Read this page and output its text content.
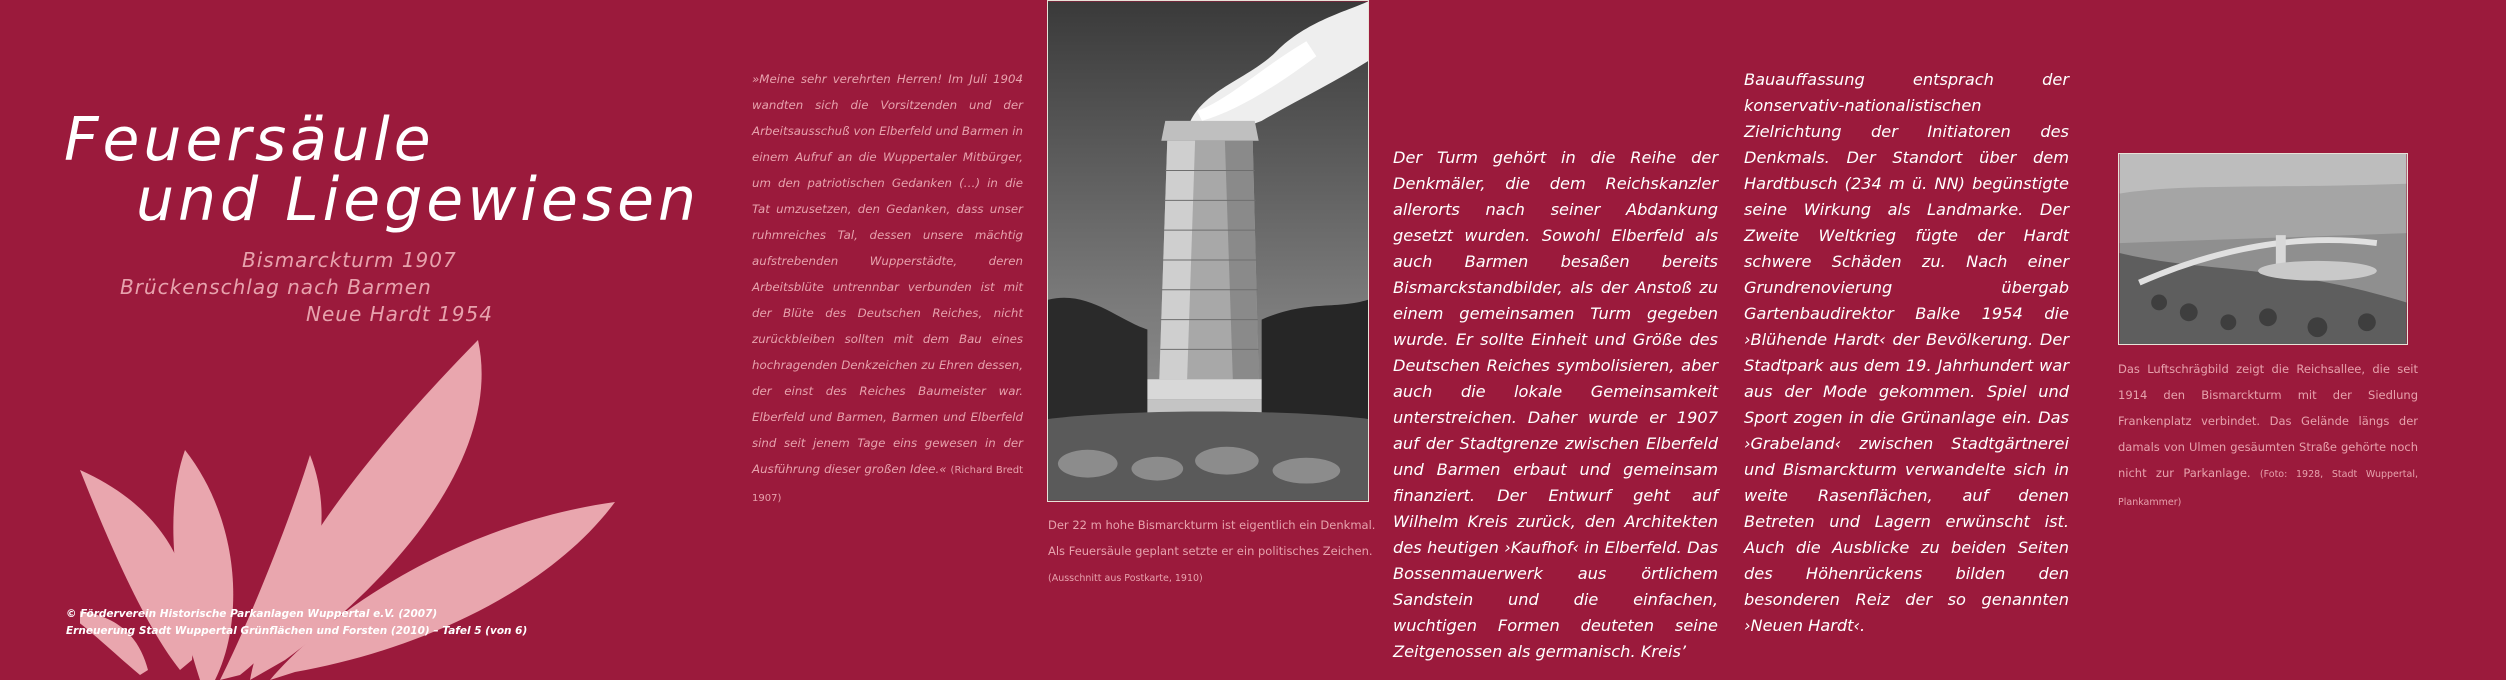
Feuersäule
und Liegewiesen
Bismarckturm 1907
Brückenschlag nach Barmen
Neue Hardt 1954
© Förderverein Historische Parkanlagen Wuppertal e.V. (2007)
Erneuerung Stadt Wuppertal Grünflächen und Forsten (2010) – Tafel 5 (von 6)
»Meine sehr verehrten Herren! Im Juli 1904 wandten sich die Vorsitzenden und der Arbeitsausschuß von Elberfeld und Barmen in einem Aufruf an die Wuppertaler Mitbürger, um den patriotischen Gedanken (…) in die Tat umzusetzen, den Gedanken, dass unser ruhmreiches Tal, dessen unsere mächtig aufstrebenden Wupperstädte, deren Arbeitsblüte untrennbar verbunden ist mit der Blüte des Deutschen Reiches, nicht zurückbleiben sollten mit dem Bau eines hochragenden Denkzeichen zu Ehren dessen, der einst des Reiches Baumeister war. Elberfeld und Barmen, Barmen und Elberfeld sind seit jenem Tage eins gewesen in der Ausführung dieser großen Idee.« (Richard Bredt 1907)
Der 22 m hohe Bismarckturm ist eigentlich ein Denkmal. Als Feuersäule geplant setzte er ein politisches Zeichen.
(Ausschnitt aus Postkarte, 1910)
Der Turm gehört in die Reihe der Denkmäler, die dem Reichskanzler allerorts nach seiner Abdankung gesetzt wurden. Sowohl Elberfeld als auch Barmen besaßen bereits Bismarckstandbilder, als der Anstoß zu einem gemeinsamen Turm gegeben wurde. Er sollte Einheit und Größe des Deutschen Reiches symbolisieren, aber auch die lokale Gemeinsamkeit unterstreichen. Daher wurde er 1907 auf der Stadtgrenze zwischen Elberfeld und Barmen erbaut und gemeinsam finanziert. Der Entwurf geht auf Wilhelm Kreis zurück, den Architekten des heutigen ›Kaufhof‹ in Elberfeld. Das Bossenmauerwerk aus örtlichem Sandstein und die einfachen, wuchtigen Formen deuteten seine Zeitgenossen als germanisch. Kreis’
Bauauffassung entsprach der konservativ-nationalistischen Zielrichtung der Initiatoren des Denkmals. Der Standort über dem Hardtbusch (234 m ü. NN) begünstigte seine Wirkung als Landmarke. Der Zweite Weltkrieg fügte der Hardt schwere Schäden zu. Nach einer Grundrenovierung übergab Gartenbaudirektor Balke 1954 die ›Blühende Hardt‹ der Bevölkerung. Der Stadtpark aus dem 19. Jahrhundert war aus der Mode gekommen. Spiel und Sport zogen in die Grünanlage ein. Das ›Grabeland‹ zwischen Stadtgärtnerei und Bismarckturm verwandelte sich in weite Rasenflächen, auf denen Betreten und Lagern erwünscht ist. Auch die Ausblicke zu beiden Seiten des Höhenrückens bilden den besonderen Reiz der so genannten ›Neuen Hardt‹.
Das Luftschrägbild zeigt die Reichsallee, die seit 1914 den Bismarckturm mit der Siedlung Frankenplatz verbindet. Das Gelände längs der damals von Ulmen gesäumten Straße gehörte noch nicht zur Parkanlage. (Foto: 1928, Stadt Wuppertal, Plankammer)
